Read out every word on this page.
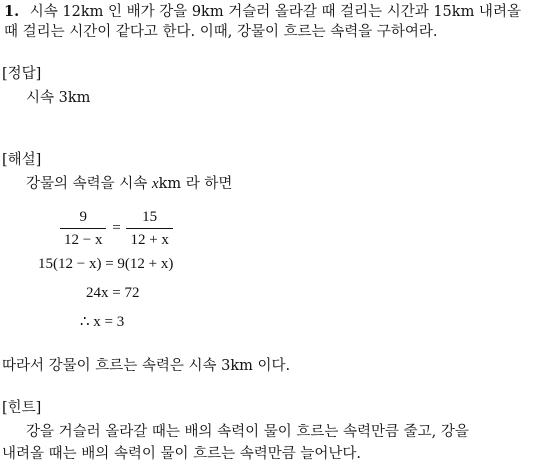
1. 시속 12km 인 배가 강을 9km 거슬러 올라갈 때 걸리는 시간과 15km 내려올
때 걸리는 시간이 같다고 한다. 이때, 강물이 흐르는 속력을 구하여라.
[정답]
시속 3km
[해설]
강물의 속력을 시속 xkm 라 하면
$\frac{9}{12 - x} = \frac{15}{12 + x}$
15(12 − x) = 9(12 + x)
24x = 72
∴ x = 3
따라서 강물이 흐르는 속력은 시속 3km 이다.
[힌트]
강을 거슬러 올라갈 때는 배의 속력이 물이 흐르는 속력만큼 줄고, 강을
내려올 때는 배의 속력이 물이 흐르는 속력만큼 늘어난다.
